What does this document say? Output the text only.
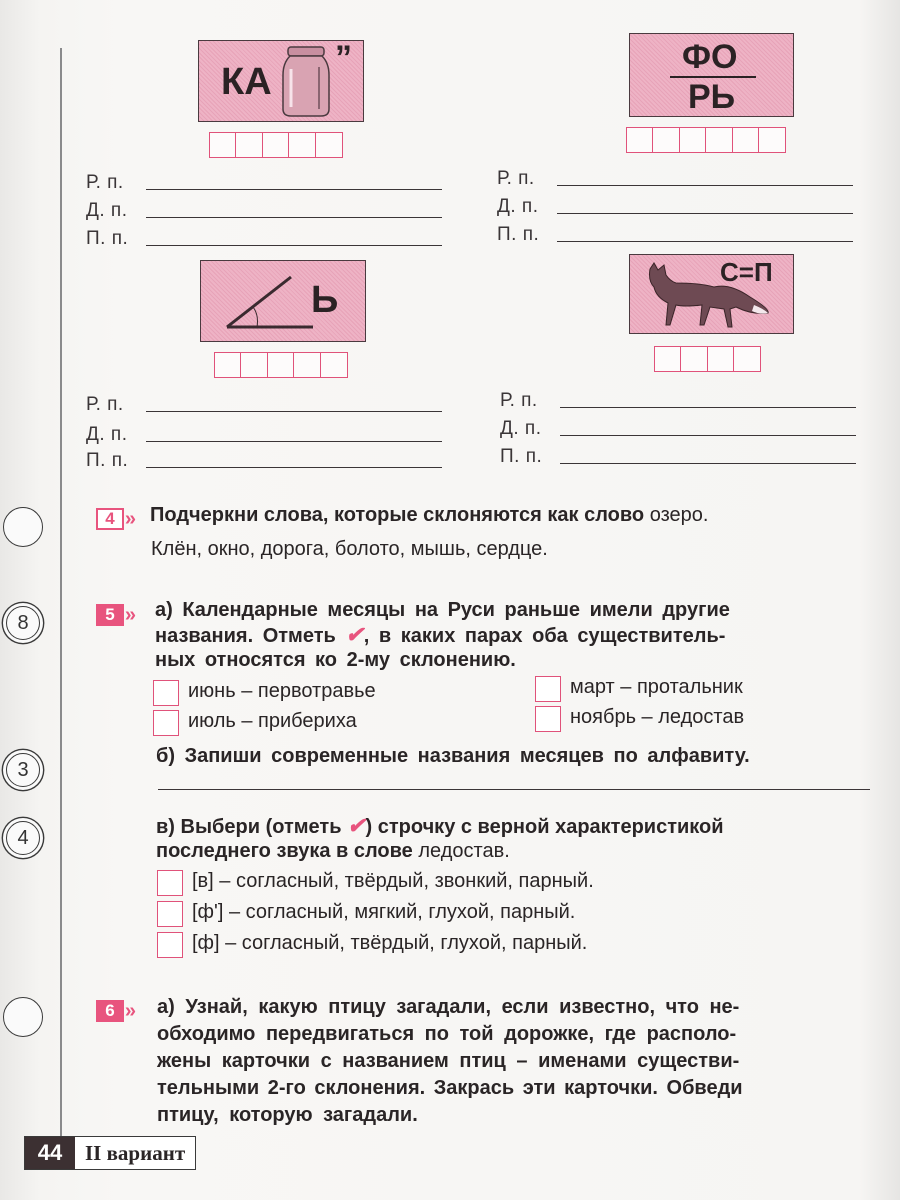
КА
”
Р. п.
Д. п.
П. п.
ФО
РЬ
Р. п.
Д. п.
П. п.
Ь
Р. п.
Д. п.
П. п.
С=П
Р. п.
Д. п.
П. п.
8
3
4
4 » Подчеркни слова, которые склоняются как слово озеро.
Клён, окно, дорога, болото, мышь, сердце.
5 » а) Календарные месяцы на Руси раньше имели другие
названия. Отметь ✔, в каких парах оба существитель-
ных относятся ко 2-му склонению.
июнь – первотравье
июль – прибериха
март – протальник
ноябрь – ледостав
б) Запиши современные названия месяцев по алфавиту.
в) Выбери (отметь ✔) строчку с верной характеристикой
последнего звука в слове ледостав.
[в] – согласный, твёрдый, звонкий, парный.
[ф'] – согласный, мягкий, глухой, парный.
[ф] – согласный, твёрдый, глухой, парный.
6 » а) Узнай, какую птицу загадали, если известно, что не-
обходимо передвигаться по той дорожке, где располо-
жены карточки с названием птиц – именами существи-
тельными 2-го склонения. Закрась эти карточки. Обведи
птицу, которую загадали.
44	II вариант
